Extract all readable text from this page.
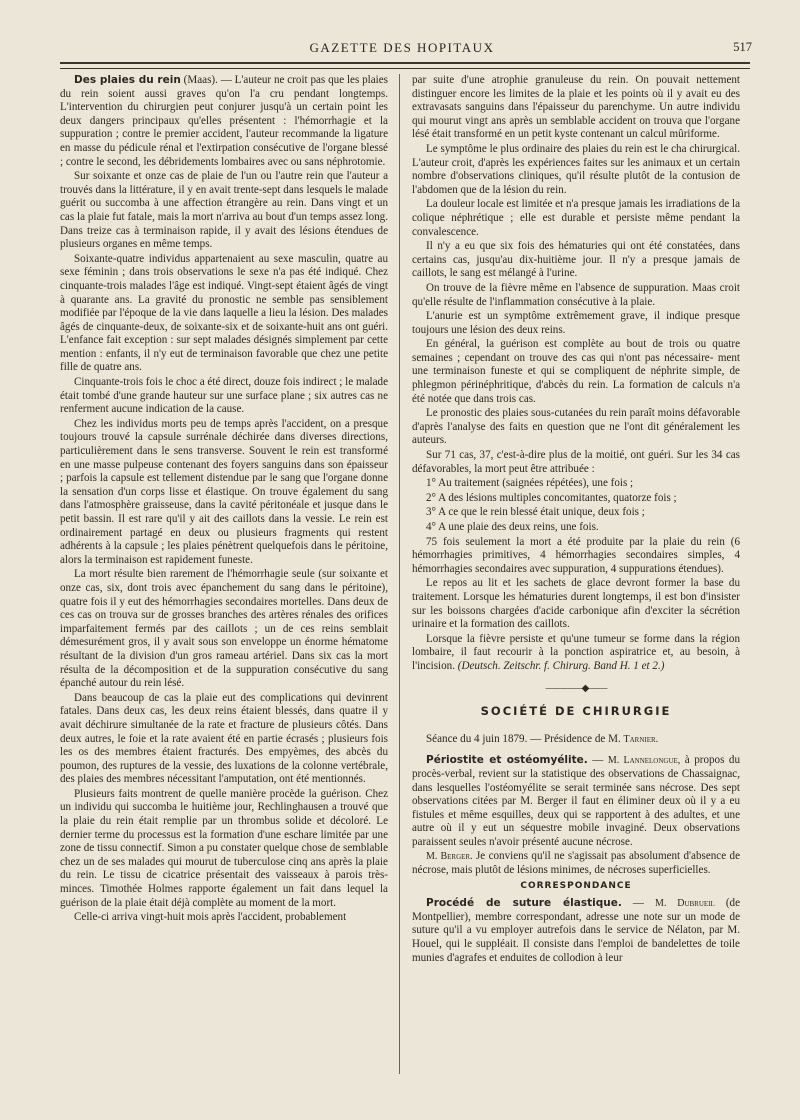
GAZETTE DES HOPITAUX	517

Des plaies du rein (Maas). — L'auteur ne croit pas que les plaies du rein soient aussi graves qu'on l'a cru pendant longtemps. L'intervention du chirurgien peut conjurer jusqu'à un certain point les deux dangers principaux qu'elles présentent : l'hémorrhagie et la suppuration ; contre le premier accident, l'auteur recommande la ligature en masse du pédicule rénal et l'extirpation consécutive de l'organe blessé ; contre le second, les débridements lombaires avec ou sans néphrotomie.

Sur soixante et onze cas de plaie de l'un ou l'autre rein que l'auteur a trouvés dans la littérature, il y en avait trente-sept dans lesquels le malade guérit ou succomba à une affection étrangère au rein. Dans vingt et un cas la plaie fut fatale, mais la mort n'arriva au bout d'un temps assez long. Dans treize cas à terminaison rapide, il y avait des lésions étendues de plusieurs organes en même temps.

Soixante-quatre individus appartenaient au sexe masculin, quatre au sexe féminin ; dans trois observations le sexe n'a pas été indiqué. Chez cinquante-trois malades l'âge est indiqué. Vingt-sept étaient âgés de vingt à quarante ans. La gravité du pronostic ne semble pas sensiblement modifiée par l'époque de la vie dans laquelle a lieu la lésion. Des malades âgés de cinquante-deux, de soixante-six et de soixante-huit ans ont guéri. L'enfance fait exception : sur sept malades désignés simplement par cette mention : enfants, il n'y eut de terminaison favorable que chez une petite fille de quatre ans.

Cinquante-trois fois le choc a été direct, douze fois indirect ; le malade était tombé d'une grande hauteur sur une surface plane ; six autres cas ne renferment aucune indication de la cause.

Chez les individus morts peu de temps après l'accident, on a presque toujours trouvé la capsule surrénale déchirée dans diverses directions, particulièrement dans le sens transverse. Souvent le rein est transformé en une masse pulpeuse contenant des foyers sanguins dans son épaisseur ; parfois la capsule est tellement distendue par le sang que l'organe donne la sensation d'un corps lisse et élastique. On trouve également du sang dans l'atmosphère graisseuse, dans la cavité péritonéale et jusque dans le petit bassin. Il est rare qu'il y ait des caillots dans la vessie. Le rein est ordinairement partagé en deux ou plusieurs fragments qui restent adhérents à la capsule ; les plaies pénètrent quelquefois dans le péritoine, alors la terminaison est rapidement funeste.

La mort résulte bien rarement de l'hémorrhagie seule (sur soixante et onze cas, six, dont trois avec épanchement du sang dans le péritoine), quatre fois il y eut des hémorrhagies secondaires mortelles. Dans deux de ces cas on trouva sur de grosses branches des artères rénales des orifices imparfaitement fermés par des caillots ; un de ces reins semblait démesurément gros, il y avait sous son enveloppe un énorme hématome résultant de la division d'un gros rameau artériel. Dans six cas la mort résulta de la décomposition et de la suppuration consécutive du sang épanché autour du rein lésé.

Dans beaucoup de cas la plaie eut des complications qui devinrent fatales. Dans deux cas, les deux reins étaient blessés, dans quatre il y avait déchirure simultanée de la rate et fracture de plusieurs côtés. Dans deux autres, le foie et la rate avaient été en partie écrasés ; plusieurs fois les os des membres étaient fracturés. Des empyèmes, des abcès du poumon, des ruptures de la vessie, des luxations de la colonne vertébrale, des plaies des membres nécessitant l'amputation, ont été mentionnés.

Plusieurs faits montrent de quelle manière procède la guérison. Chez un individu qui succomba le huitième jour, Rechlinghausen a trouvé que la plaie du rein était remplie par un thrombus solide et décoloré. Le dernier terme du processus est la formation d'une eschare limitée par une zone de tissu connectif. Simon a pu constater quelque chose de semblable chez un de ses malades qui mourut de tuberculose cinq ans après la plaie du rein. Le tissu de cicatrice présentait des vaisseaux à parois très-minces. Timothée Holmes rapporte également un fait dans lequel la guérison de la plaie était déjà complète au moment de la mort.

Celle-ci arriva vingt-huit mois après l'accident, probablement

par suite d'une atrophie granuleuse du rein. On pouvait nettement distinguer encore les limites de la plaie et les points où il y avait eu des extravasats sanguins dans l'épaisseur du parenchyme. Un autre individu qui mourut vingt ans après un semblable accident on trouva que l'organe lésé était transformé en un petit kyste contenant un calcul mûriforme.

Le symptôme le plus ordinaire des plaies du rein est le cha chirurgical. L'auteur croit, d'après les expériences faites sur les animaux et un certain nombre d'observations cliniques, qu'il résulte plutôt de la contusion de l'abdomen que de la lésion du rein.

La douleur locale est limitée et n'a presque jamais les irradiations de la colique néphrétique ; elle est durable et persiste même pendant la convalescence.

Il n'y a eu que six fois des hématuries qui ont été constatées, dans certains cas, jusqu'au dix-huitième jour. Il n'y a presque jamais de caillots, le sang est mélangé à l'urine.

On trouve de la fièvre même en l'absence de suppuration. Maas croit qu'elle résulte de l'inflammation consécutive à la plaie.

L'anurie est un symptôme extrêmement grave, il indique presque toujours une lésion des deux reins.

En général, la guérison est complète au bout de trois ou quatre semaines ; cependant on trouve des cas qui n'ont pas nécessaire- ment une terminaison funeste et qui se compliquent de néphrite simple, de phlegmon périnéphritique, d'abcès du rein. La formation de calculs n'a été notée que dans trois cas.

Le pronostic des plaies sous-cutanées du rein paraît moins défavorable d'après l'analyse des faits en question que ne l'ont dit généralement les auteurs.

Sur 71 cas, 37, c'est-à-dire plus de la moitié, ont guéri. Sur les 34 cas défavorables, la mort peut être attribuée :

1° Au traitement (saignées répétées), une fois ;

2° A des lésions multiples concomitantes, quatorze fois ;

3° A ce que le rein blessé était unique, deux fois ;

4° A une plaie des deux reins, une fois.

75 fois seulement la mort a été produite par la plaie du rein (6 hémorrhagies primitives, 4 hémorrhagies secondaires simples, 4 hémorrhagies secondaires avec suppuration, 4 suppurations étendues).

Le repos au lit et les sachets de glace devront former la base du traitement. Lorsque les hématuries durent longtemps, il est bon d'insister sur les boissons chargées d'acide carbonique afin d'exciter la sécrétion urinaire et la formation des caillots.

Lorsque la fièvre persiste et qu'une tumeur se forme dans la région lombaire, il faut recourir à la ponction aspiratrice et, au besoin, à l'incision. (Deutsch. Zeitschr. f. Chirurg. Band H. 1 et 2.)

————◆——
SOCIÉTÉ DE CHIRURGIE

Séance du 4 juin 1879. — Présidence de M. Tarnier.

Périostite et ostéomyélite. — M. Lannelongue, à propos du procès-verbal, revient sur la statistique des observations de Chassaignac, dans lesquelles l'ostéomyélite se serait terminée sans nécrose. Des sept observations citées par M. Berger il faut en éliminer deux où il y a eu fistules et même esquilles, deux qui se rapportent à des adultes, et une autre où il y eut un séquestre mobile invaginé. Deux observations paraissent seules n'avoir présenté aucune nécrose.

M. Berger. Je conviens qu'il ne s'agissait pas absolument d'absence de nécrose, mais plutôt de lésions minimes, de nécroses superficielles.

CORRESPONDANCE

Procédé de suture élastique. — M. Dubrueil (de Montpellier), membre correspondant, adresse une note sur un mode de suture qu'il a vu employer autrefois dans le service de Nélaton, par M. Houel, qui le suppléait. Il consiste dans l'emploi de bandelettes de toile munies d'agrafes et enduites de collodion à leur
